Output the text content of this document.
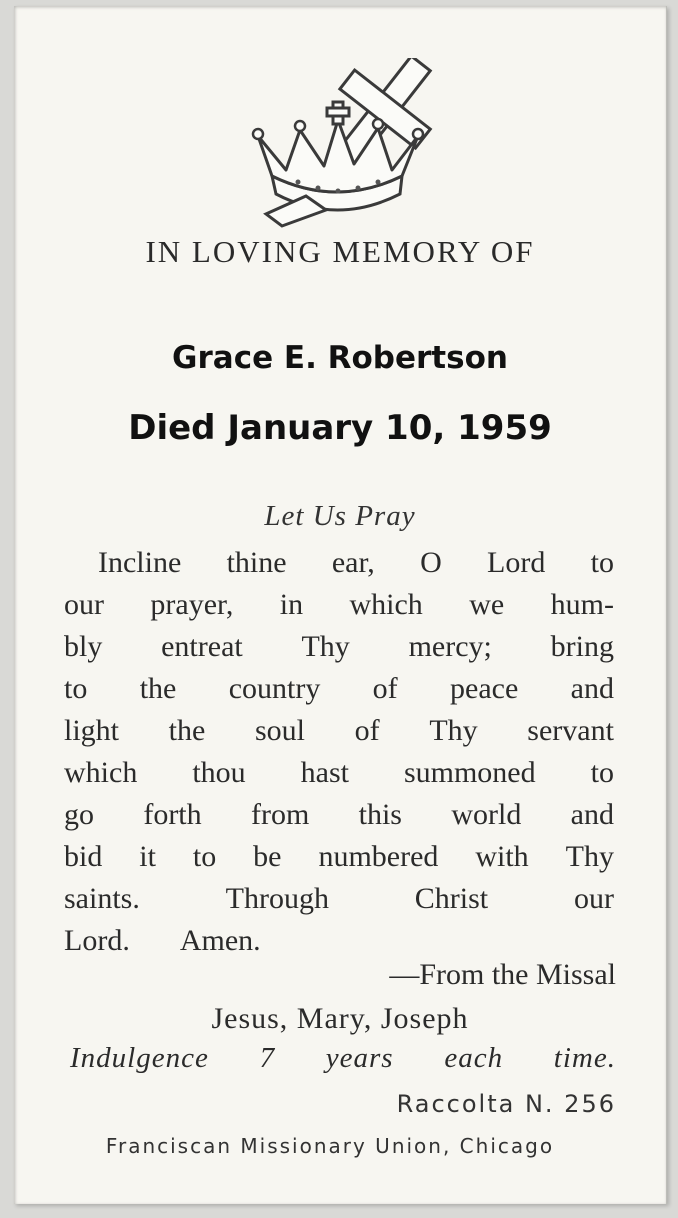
IN LOVING MEMORY OF
Grace E. Robertson
Died January 10, 1959
Let Us Pray
Incline thine ear, O Lord to
our prayer, in which we hum-
bly entreat Thy mercy; bring
to the country of peace and
light the soul of Thy servant
which thou hast summoned to
go forth from this world and
bid it to be numbered with Thy
saints.	Through	Christ	our
Lord. Amen.
—From the Missal
Jesus, Mary, Joseph
Indulgence 7 years each time.
Raccolta N. 256
Franciscan Missionary Union, Chicago
